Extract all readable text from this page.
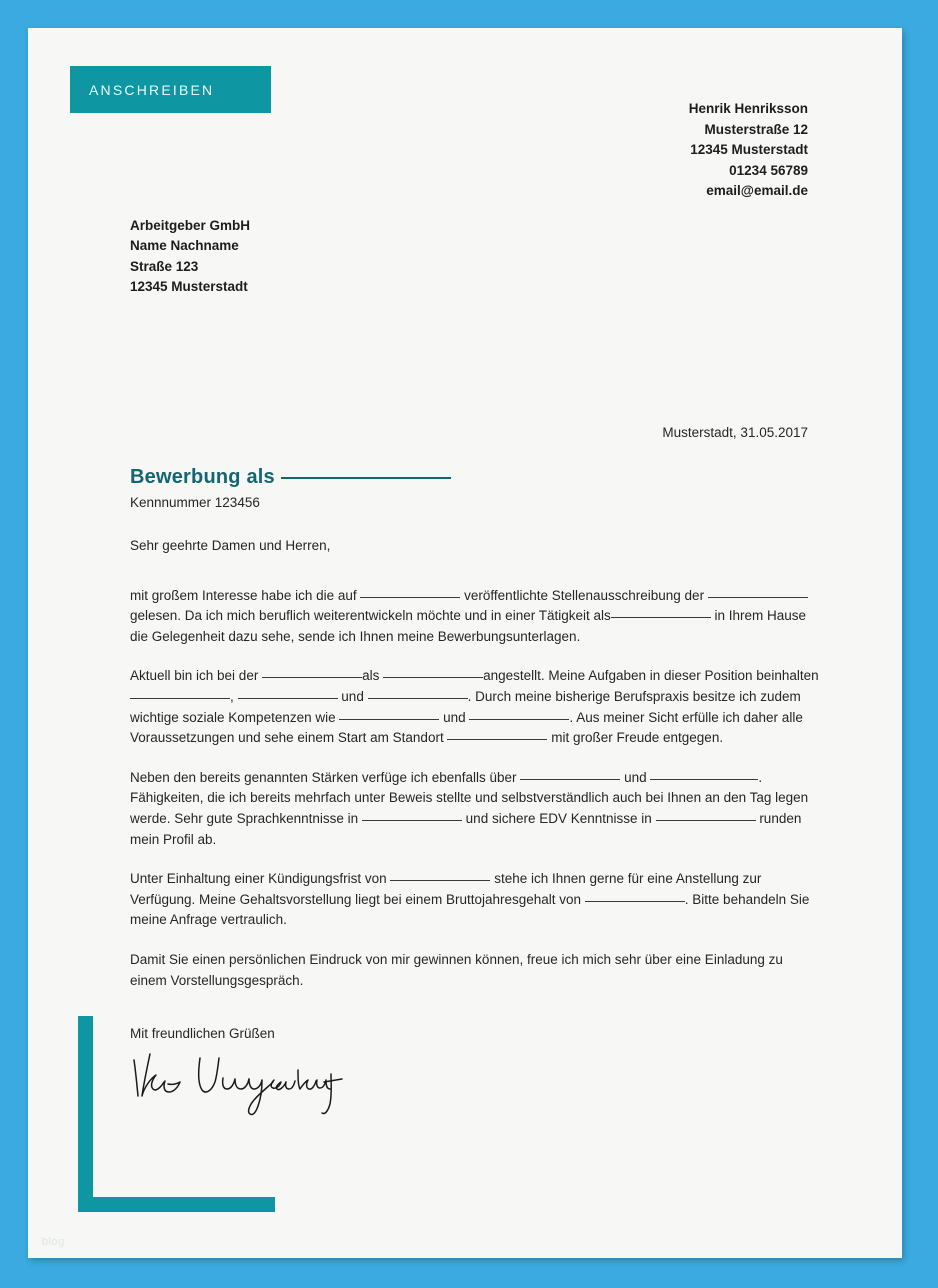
anschreiben
Henrik Henriksson
Musterstraße 12
12345 Musterstadt
01234 56789
email@email.de
Arbeitgeber GmbH
Name Nachname
Straße 123
12345 Musterstadt
Musterstadt, 31.05.2017
Bewerbung als
Kennnummer 123456
Sehr geehrte Damen und Herren,
mit großem Interesse habe ich die auf	veröffentlichte Stellenausschreibung der  gelesen. Da ich mich beruflich weiterentwickeln möchte und in einer Tätigkeit als	in Ihrem Hause die Gelegenheit dazu sehe, sende ich Ihnen meine Bewerbungsunterlagen.
Aktuell bin ich bei der	als	angestellt. Meine Aufgaben in dieser Position beinhalten ,	und	. Durch meine bisherige Berufspraxis besitze ich zudem wichtige soziale Kompetenzen wie	und	. Aus meiner Sicht erfülle ich daher alle Voraussetzungen und sehe einem Start am Standort	mit großer Freude entgegen.
Neben den bereits genannten Stärken verfüge ich ebenfalls über	und	. Fähigkeiten, die ich bereits mehrfach unter Beweis stellte und selbstverständlich auch bei Ihnen an den Tag legen werde. Sehr gute Sprachkenntnisse in	und sichere EDV Kenntnisse in	runden mein Profil ab.
Unter Einhaltung einer Kündigungsfrist von	stehe ich Ihnen gerne für eine Anstellung zur Verfügung. Meine Gehaltsvorstellung liegt bei einem Bruttojahresgehalt von	. Bitte behandeln Sie meine Anfrage vertraulich.
Damit Sie einen persönlichen Eindruck von mir gewinnen können, freue ich mich sehr über eine Einladung zu einem Vorstellungsgespräch.
Mit freundlichen Grüßen
blog
